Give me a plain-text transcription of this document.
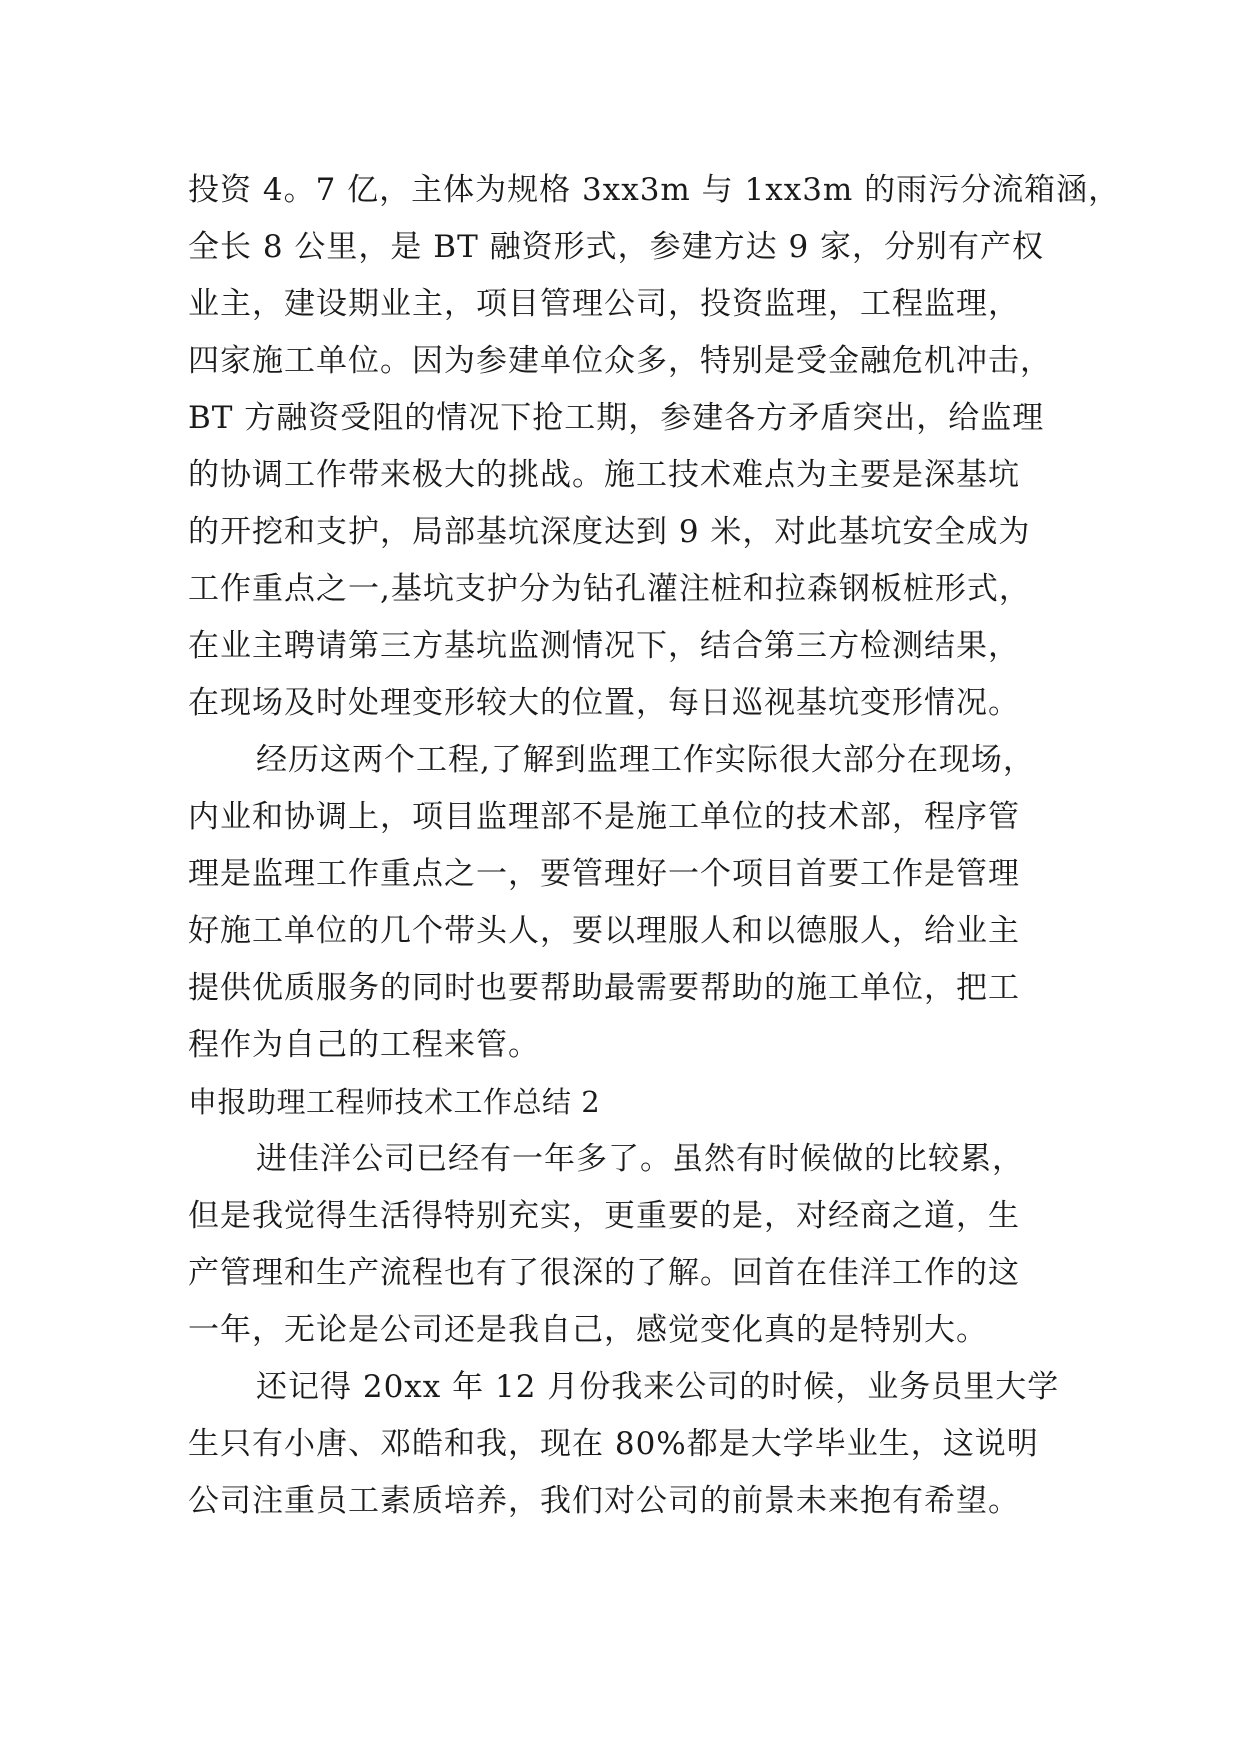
投资 4。7 亿，主体为规格 3xx3m 与 1xx3m 的雨污分流箱涵，
全长 8 公里，是 BT 融资形式，参建方达 9 家，分别有产权
业主，建设期业主，项目管理公司，投资监理，工程监理，
四家施工单位。因为参建单位众多，特别是受金融危机冲击，
BT 方融资受阻的情况下抢工期，参建各方矛盾突出，给监理
的协调工作带来极大的挑战。施工技术难点为主要是深基坑
的开挖和支护，局部基坑深度达到 9 米，对此基坑安全成为
工作重点之一,基坑支护分为钻孔灌注桩和拉森钢板桩形式，
在业主聘请第三方基坑监测情况下，结合第三方检测结果，
在现场及时处理变形较大的位置，每日巡视基坑变形情况。
经历这两个工程,了解到监理工作实际很大部分在现场，
内业和协调上，项目监理部不是施工单位的技术部，程序管
理是监理工作重点之一，要管理好一个项目首要工作是管理
好施工单位的几个带头人，要以理服人和以德服人，给业主
提供优质服务的同时也要帮助最需要帮助的施工单位，把工
程作为自己的工程来管。
申报助理工程师技术工作总结 2
进佳洋公司已经有一年多了。虽然有时候做的比较累，
但是我觉得生活得特别充实，更重要的是，对经商之道，生
产管理和生产流程也有了很深的了解。回首在佳洋工作的这
一年，无论是公司还是我自己，感觉变化真的是特别大。
还记得 20xx 年 12 月份我来公司的时候，业务员里大学
生只有小唐、邓皓和我，现在 80%都是大学毕业生，这说明
公司注重员工素质培养，我们对公司的前景未来抱有希望。
